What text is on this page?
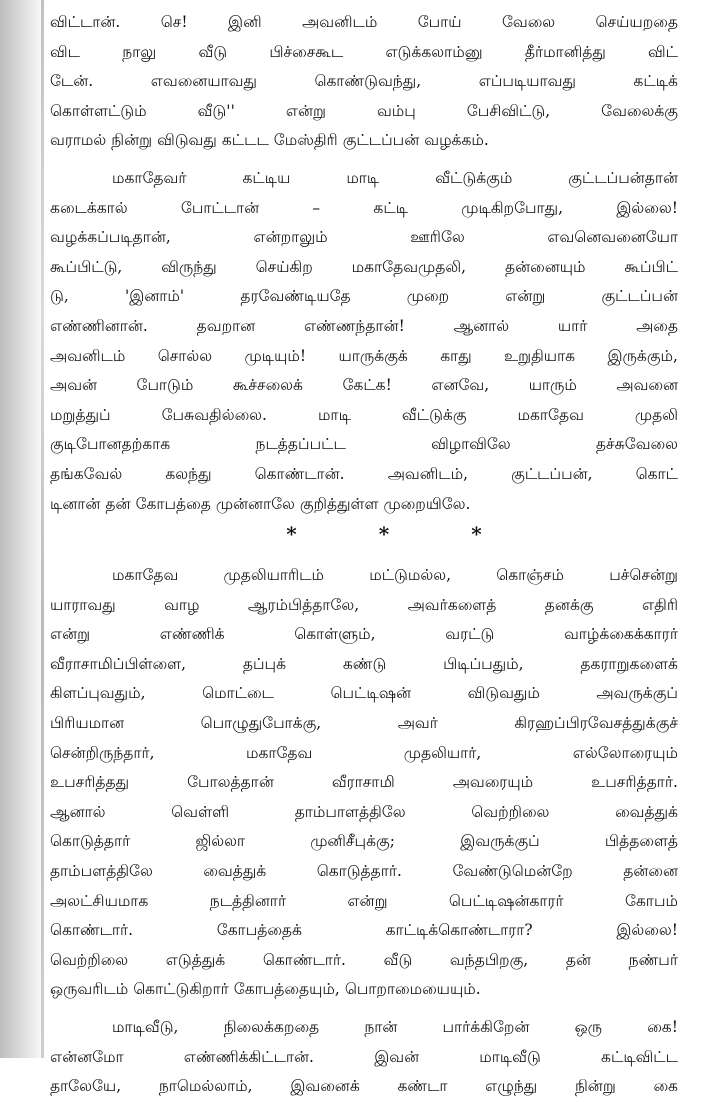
விட்டான். செ! இனி அவனிடம் போய் வேலை செய்யறதை
விட நாலு வீடு பிச்சைகூட எடுக்கலாம்னு தீர்மானித்து விட்
டேன். எவனையாவது கொண்டுவந்து, எப்படியாவது கட்டிக்
கொள்ளட்டும் வீடு'' என்று வம்பு பேசிவிட்டு, வேலைக்கு
வராமல் நின்று விடுவது கட்டட மேஸ்திரி குட்டப்பன் வழக்கம்.
மகாதேவர் கட்டிய மாடி வீட்டுக்கும் குட்டப்பன்தான்
கடைக்கால் போட்டான் – கட்டி முடிகிறபோது, இல்லை!
வழக்கப்படிதான், என்றாலும் ஊரிலே எவனெவனையோ
கூப்பிட்டு, விருந்து செய்கிற மகாதேவமுதலி, தன்னையும் கூப்பிட்
டு, 'இனாம்' தரவேண்டியதே முறை என்று குட்டப்பன்
எண்ணினான். தவறான எண்ணந்தான்! ஆனால் யார் அதை
அவனிடம் சொல்ல முடியும்! யாருக்குக் காது உறுதியாக இருக்கும்,
அவன் போடும் கூச்சலைக் கேட்க! எனவே, யாரும் அவனை
மறுத்துப் பேசுவதில்லை. மாடி வீட்டுக்கு மகாதேவ முதலி
குடிபோனதற்காக நடத்தப்பட்ட விழாவிலே தச்சுவேலை
தங்கவேல் கலந்து கொண்டான். அவனிடம், குட்டப்பன், கொட்
டினான் தன் கோபத்தை முன்னாலே குறித்துள்ள முறையிலே.
*	*	*
மகாதேவ முதலியாரிடம் மட்டுமல்ல, கொஞ்சம் பச்சென்று
யாராவது வாழ ஆரம்பித்தாலே, அவர்களைத் தனக்கு எதிரி
என்று எண்ணிக் கொள்ளும், வரட்டு வாழ்க்கைக்காரர்
வீராசாமிப்பிள்ளை, தப்புக் கண்டு பிடிப்பதும், தகராறுகளைக்
கிளப்புவதும், மொட்டை பெட்டிஷன் விடுவதும் அவருக்குப்
பிரியமான பொழுதுபோக்கு, அவர் கிரஹப்பிரவேசத்துக்குச்
சென்றிருந்தார், மகாதேவ முதலியார், எல்லோரையும்
உபசரித்தது போலத்தான் வீராசாமி அவரையும் உபசரித்தார்.
ஆனால் வெள்ளி தாம்பாளத்திலே வெற்றிலை வைத்துக்
கொடுத்தார் ஜில்லா முனிசீபுக்கு; இவருக்குப் பித்தளைத்
தாம்பளத்திலே வைத்துக் கொடுத்தார். வேண்டுமென்றே தன்னை
அலட்சியமாக நடத்தினார் என்று பெட்டிஷன்காரர் கோபம்
கொண்டார். கோபத்தைக் காட்டிக்கொண்டாரா? இல்லை!
வெற்றிலை எடுத்துக் கொண்டார். வீடு வந்தபிறகு, தன் நண்பர்
ஒருவரிடம் கொட்டுகிறார் கோபத்தையும், பொறாமையையும்.
மாடிவீடு, நிலைக்கறதை நான் பார்க்கிறேன் ஒரு கை!
என்னமோ எண்ணிக்கிட்டான். இவன் மாடிவீடு கட்டிவிட்ட
தாலேயே, நாமெல்லாம், இவனைக் கண்டா எழுந்து நின்று கை
